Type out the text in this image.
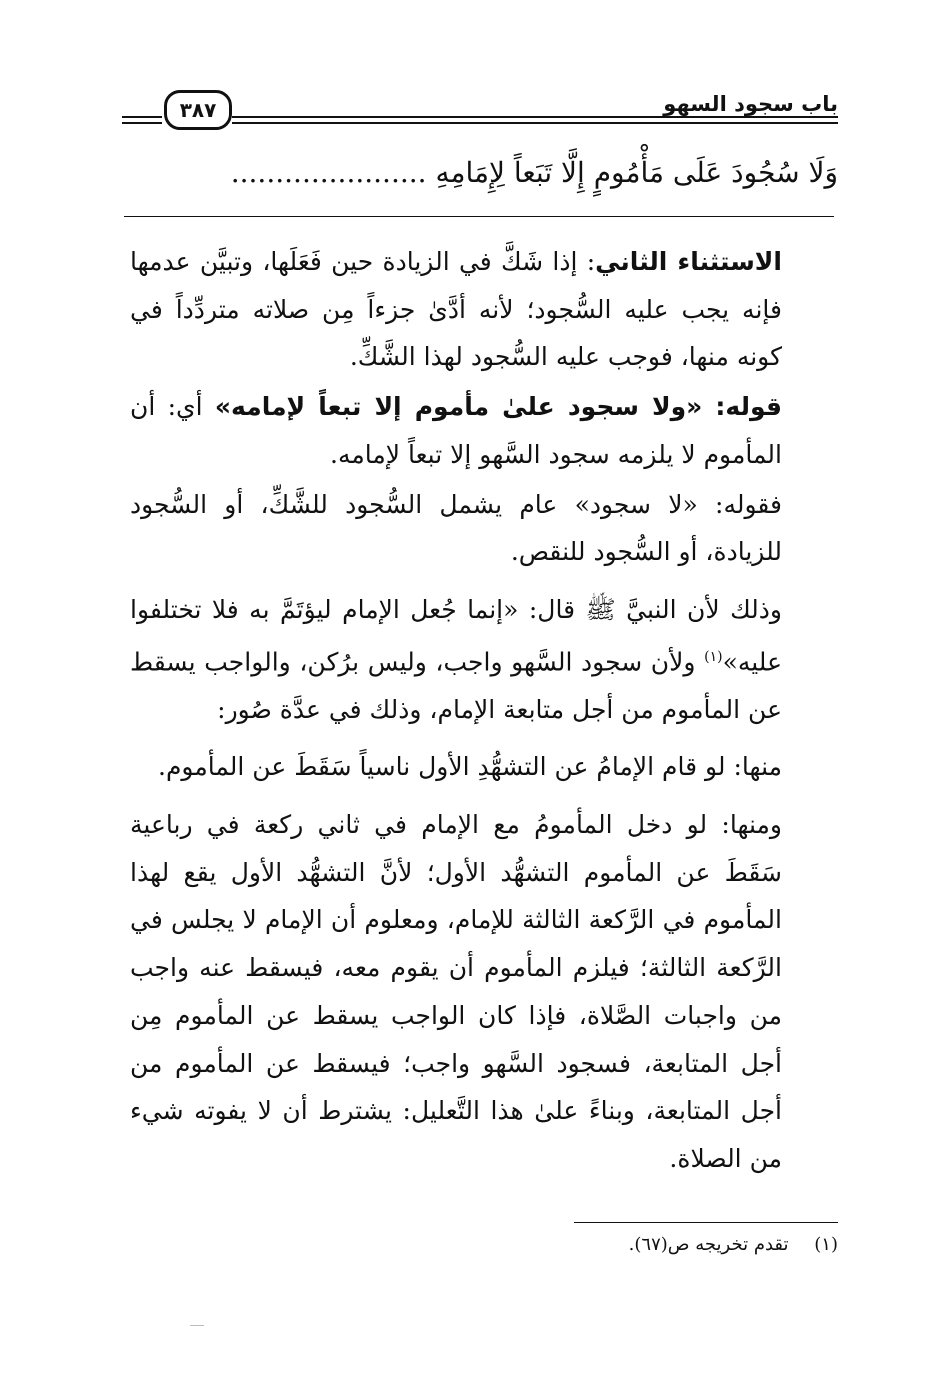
٣٨٧	باب سجود السهو
وَلَا سُجُودَ عَلَى مَأْمُومٍ إِلَّا تَبَعاً لِإِمَامِهِ ......................

الاستثناء الثاني: إذا شَكَّ في الزيادة حين فَعَلَها، وتبيَّن عدمها فإنه يجب عليه السُّجود؛ لأنه أدَّىٰ جزءاً مِن صلاته متردِّداً في كونه منها، فوجب عليه السُّجود لهذا الشَّكِّ.

قوله: «ولا سجود علىٰ مأموم إلا تبعاً لإمامه» أي: أن المأموم لا يلزمه سجود السَّهو إلا تبعاً لإمامه.

فقوله: «لا سجود» عام يشمل السُّجود للشَّكِّ، أو السُّجود للزيادة، أو السُّجود للنقص.

وذلك لأن النبيَّ ﷺ قال: «إنما جُعل الإمام ليؤتَمَّ به فلا تختلفوا عليه»$^{(١)}$ ولأن سجود السَّهو واجب، وليس برُكن، والواجب يسقط عن المأموم من أجل متابعة الإمام، وذلك في عدَّة صُور:

منها: لو قام الإمامُ عن التشهُّدِ الأول ناسياً سَقَطَ عن المأموم.

ومنها: لو دخل المأمومُ مع الإمام في ثاني ركعة في رباعية سَقَطَ عن المأموم التشهُّد الأول؛ لأنَّ التشهُّد الأول يقع لهذا المأموم في الرَّكعة الثالثة للإمام، ومعلوم أن الإمام لا يجلس في الرَّكعة الثالثة؛ فيلزم المأموم أن يقوم معه، فيسقط عنه واجب من واجبات الصَّلاة، فإذا كان الواجب يسقط عن المأموم مِن أجل المتابعة، فسجود السَّهو واجب؛ فيسقط عن المأموم من أجل المتابعة، وبناءً علىٰ هذا التَّعليل: يشترط أن لا يفوته شيء من الصلاة.

(١) تقدم تخريجه ص(٦٧).
